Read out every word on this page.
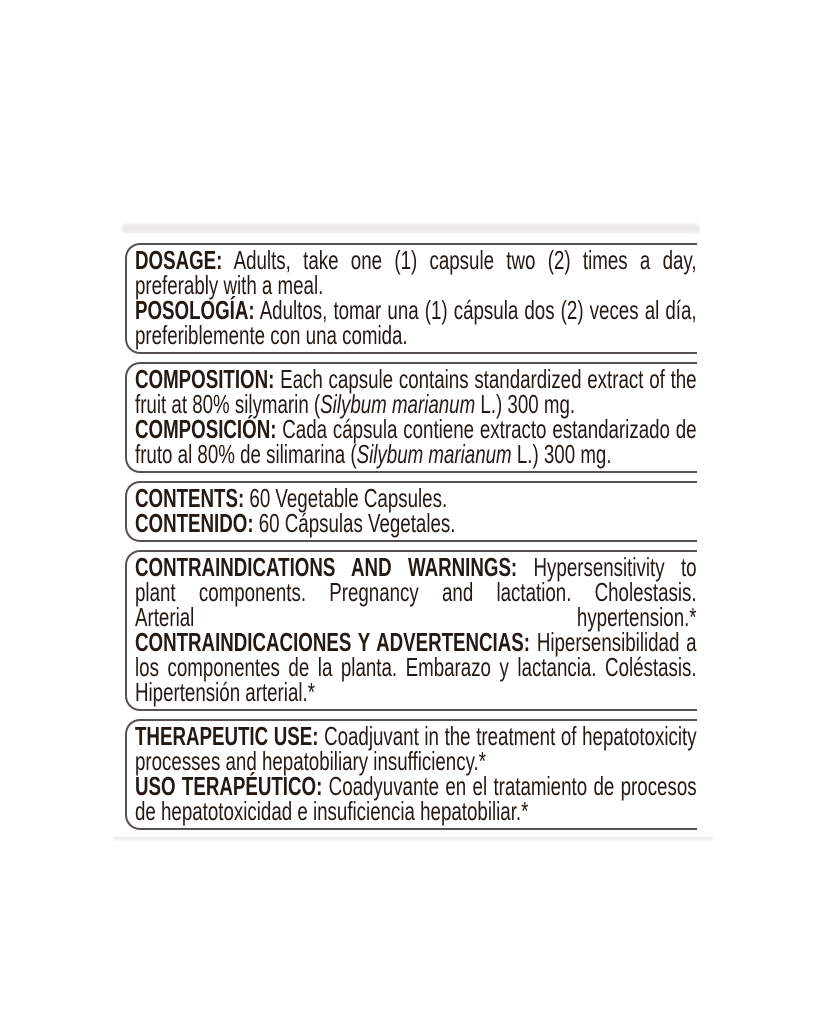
DOSAGE: Adults, take one (1) capsule two (2) times a day, preferably with a meal.

POSOLOGÍA: Adultos, tomar una (1) cápsula dos (2) veces al día, preferiblemente con una comida.

COMPOSITION: Each capsule contains standardized extract of the fruit at 80% silymarin (Silybum marianum L.) 300 mg.

COMPOSICIÓN: Cada cápsula contiene extracto estandarizado de fruto al 80% de silimarina (Silybum marianum L.) 300 mg.

CONTENTS: 60 Vegetable Capsules.

CONTENIDO: 60 Cápsulas Vegetales.

CONTRAINDICATIONS AND WARNINGS: Hypersensitivity to plant components. Pregnancy and lactation. Cholestasis.

Arterial	hypertension.*

CONTRAINDICACIONES Y ADVERTENCIAS: Hipersensibilidad a los componentes de la planta. Embarazo y lactancia. Coléstasis. Hipertensión arterial.*

THERAPEUTIC USE: Coadjuvant in the treatment of hepatotoxicity processes and hepatobiliary insufficiency.*

USO TERAPÉUTICO: Coadyuvante en el tratamiento de procesos de hepatotoxicidad e insuficiencia hepatobiliar.*
